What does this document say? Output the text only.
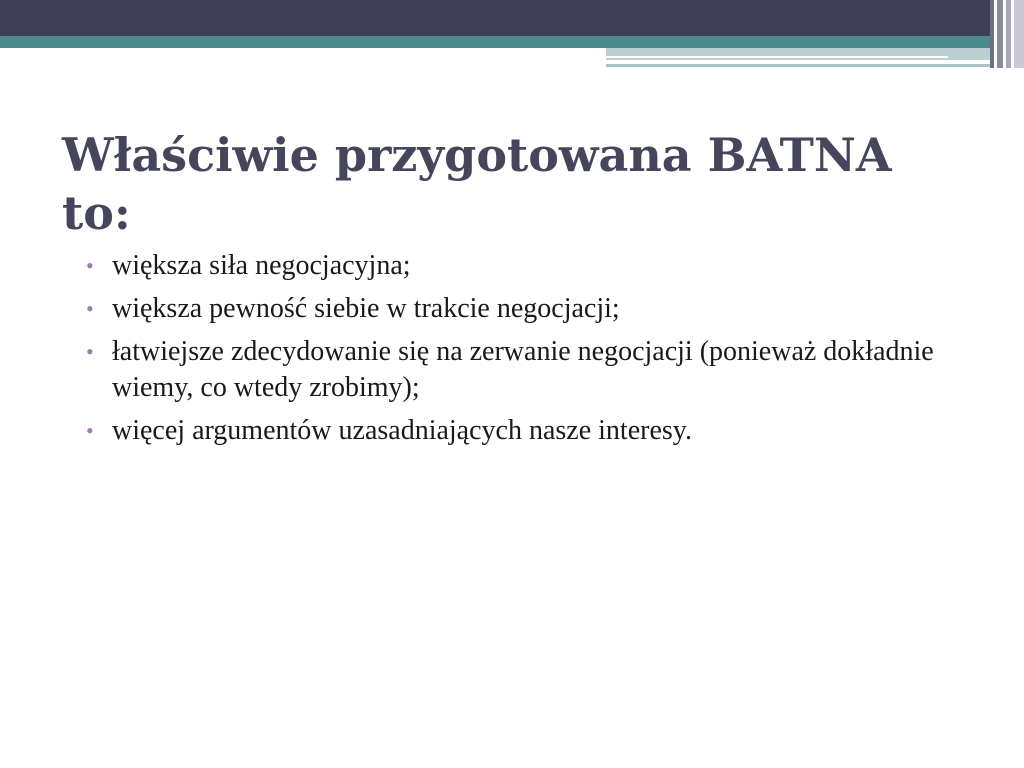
Właściwie przygotowana BATNA to:
• większa siła negocjacyjna;
• większa pewność siebie w trakcie negocjacji;
• łatwiejsze zdecydowanie się na zerwanie negocjacji (ponieważ dokładnie wiemy, co wtedy zrobimy);
• więcej argumentów uzasadniających nasze interesy.
